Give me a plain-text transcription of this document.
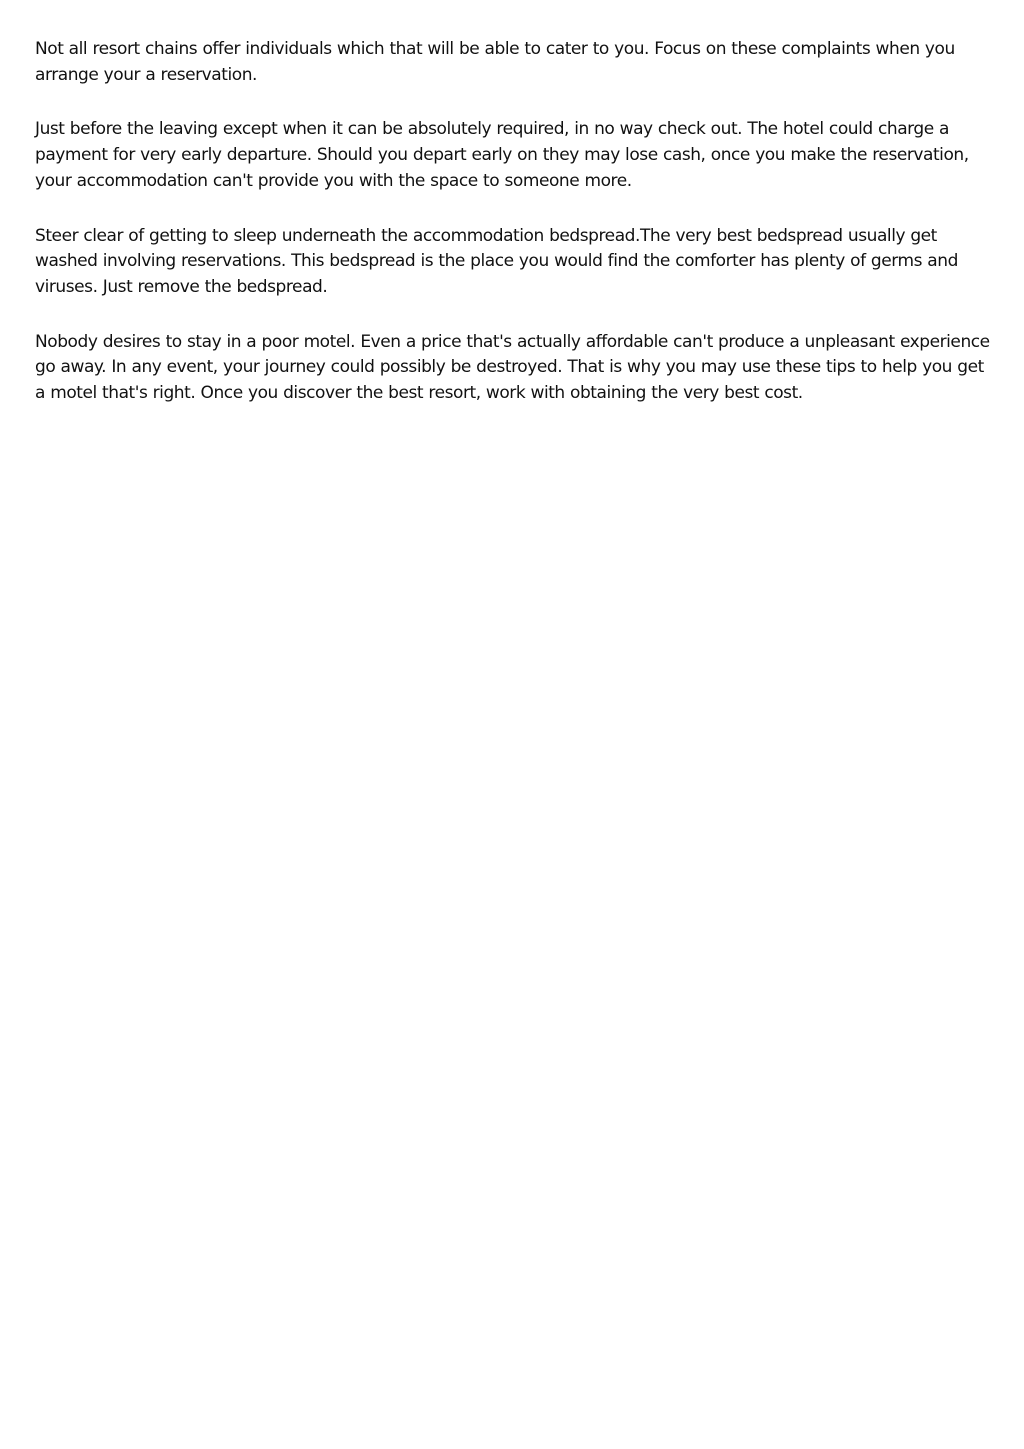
Not all resort chains offer individuals which that will be able to cater to you. Focus on these complaints when you arrange your a reservation.

Just before the leaving except when it can be absolutely required, in no way check out. The hotel could charge a payment for very early departure. Should you depart early on they may lose cash, once you make the reservation, your accommodation can't provide you with the space to someone more.

Steer clear of getting to sleep underneath the accommodation bedspread.The very best bedspread usually get washed involving reservations. This bedspread is the place you would find the comforter has plenty of germs and viruses. Just remove the bedspread.

Nobody desires to stay in a poor motel. Even a price that's actually affordable can't produce a unpleasant experience go away. In any event, your journey could possibly be destroyed. That is why you may use these tips to help you get a motel that's right. Once you discover the best resort, work with obtaining the very best cost.
